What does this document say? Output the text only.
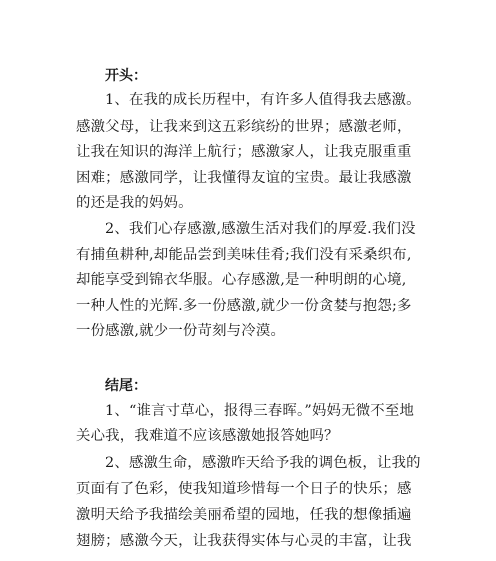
开头：
1、在我的成长历程中，有许多人值得我去感激。
感激父母，让我来到这五彩缤纷的世界；感激老师，
让我在知识的海洋上航行；感激家人，让我克服重重
困难；感激同学，让我懂得友谊的宝贵。最让我感激
的还是我的妈妈。
2、我们心存感激,感激生活对我们的厚爱.我们没
有捕鱼耕种,却能品尝到美味佳肴;我们没有采桑织布,
却能享受到锦衣华服。心存感激,是一种明朗的心境,
一种人性的光辉.多一份感激,就少一份贪婪与抱怨;多
一份感激,就少一份苛刻与冷漠。
结尾：
1、“谁言寸草心，报得三春晖。”妈妈无微不至地
关心我，我难道不应该感激她报答她吗？
2、感激生命，感激昨天给予我的调色板，让我的
页面有了色彩，使我知道珍惜每一个日子的快乐；感
激明天给予我描绘美丽希望的园地，任我的想像插遍
翅膀；感激今天，让我获得实体与心灵的丰富，让我
